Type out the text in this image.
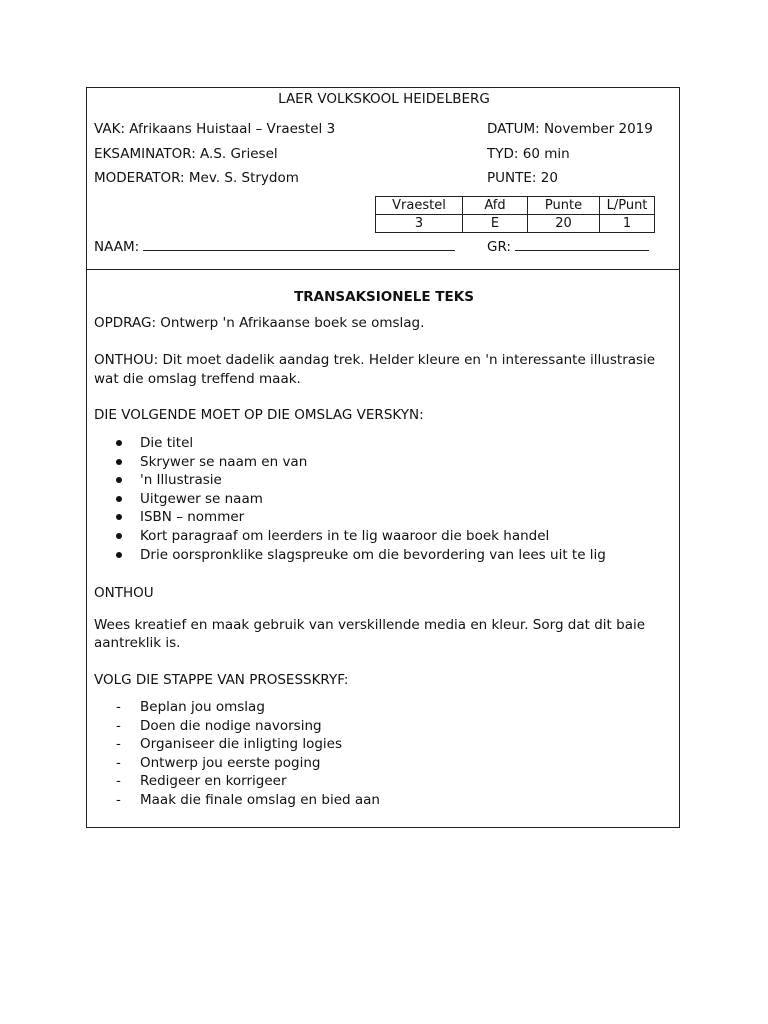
LAER VOLKSKOOL HEIDELBERG
VAK: Afrikaans Huistaal – Vraestel 3	DATUM: November 2019
EKSAMINATOR: A.S. Griesel	TYD: 60 min
MODERATOR: Mev. S. Strydom	PUNTE: 20
Vraestel	Afd	Punte	L/Punt
3	E	20	1
NAAM:	GR:
TRANSAKSIONELE TEKS
OPDRAG: Ontwerp 'n Afrikaanse boek se omslag.
ONTHOU: Dit moet dadelik aandag trek. Helder kleure en 'n interessante illustrasie
wat die omslag treffend maak.
DIE VOLGENDE MOET OP DIE OMSLAG VERSKYN:
Die titel
Skrywer se naam en van
'n Illustrasie
Uitgewer se naam
ISBN – nommer
Kort paragraaf om leerders in te lig waaroor die boek handel
Drie oorspronklike slagspreuke om die bevordering van lees uit te lig
ONTHOU
Wees kreatief en maak gebruik van verskillende media en kleur. Sorg dat dit baie
aantreklik is.
VOLG DIE STAPPE VAN PROSESSKRYF:
- Beplan jou omslag
- Doen die nodige navorsing
- Organiseer die inligting logies
- Ontwerp jou eerste poging
- Redigeer en korrigeer
- Maak die finale omslag en bied aan
